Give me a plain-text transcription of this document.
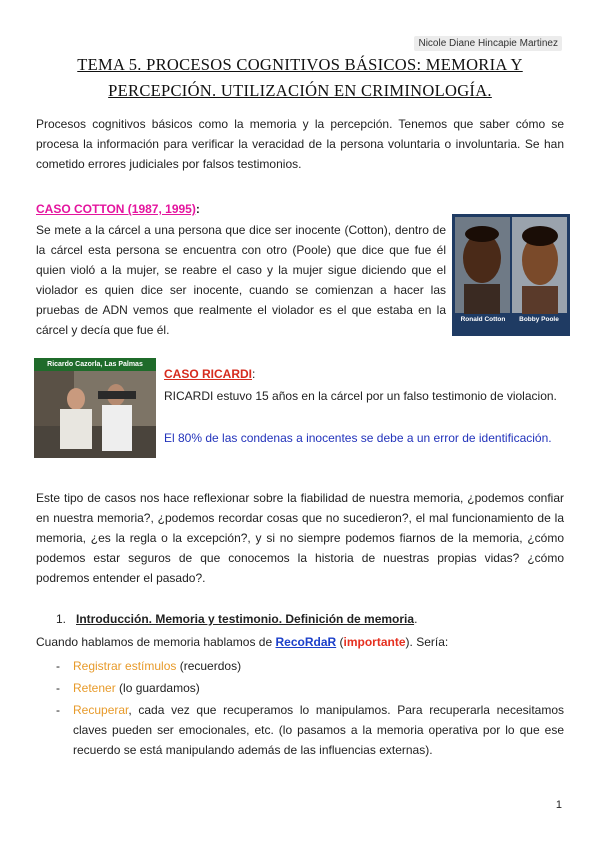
Nicole Diane Hincapie Martinez
TEMA 5. PROCESOS COGNITIVOS BÁSICOS: MEMORIA Y
PERCEPCIÓN. UTILIZACIÓN EN CRIMINOLOGÍA.

Procesos cognitivos básicos como la memoria y la percepción. Tenemos que saber cómo se procesa la información para verificar la veracidad de la persona voluntaria o involuntaria. Se han cometido errores judiciales por falsos testimonios.

CASO COTTON (1987, 1995):

Se mete a la cárcel a una persona que dice ser inocente (Cotton), dentro de la cárcel esta persona se encuentra con otro (Poole) que dice que fue él quien violó a la mujer, se reabre el caso y la mujer sigue diciendo que el violador es quien dice ser inocente, cuando se comienzan a hacer las pruebas de ADN vemos que realmente el violador es el que estaba en la cárcel y decía que fue él.

Ronald Cotton	Bobby Poole
Ricardo Cazorla, Las Palmas
CASO RICARDI:

RICARDI estuvo 15 años en la cárcel por un falso testimonio de violacion.

El 80% de las condenas a inocentes se debe a un error de identificación.

Este tipo de casos nos hace reflexionar sobre la fiabilidad de nuestra memoria, ¿podemos confiar en nuestra memoria?, ¿podemos recordar cosas que no sucedieron?, el mal funcionamiento de la memoria, ¿es la regla o la excepción?, y si no siempre podemos fiarnos de la memoria, ¿cómo podemos estar seguros de que conocemos la historia de nuestras propias vidas? ¿cómo podremos entender el pasado?.

1. Introducción. Memoria y testimonio. Definición de memoria.
Cuando hablamos de memoria hablamos de RecoRdaR (importante). Sería:
- Registrar estímulos (recuerdos)
- Retener (lo guardamos)
- Recuperar, cada vez que recuperamos lo manipulamos. Para recuperarla necesitamos claves pueden ser emocionales, etc. (lo pasamos a la memoria operativa por lo que ese recuerdo se está manipulando además de las influencias externas).
1
